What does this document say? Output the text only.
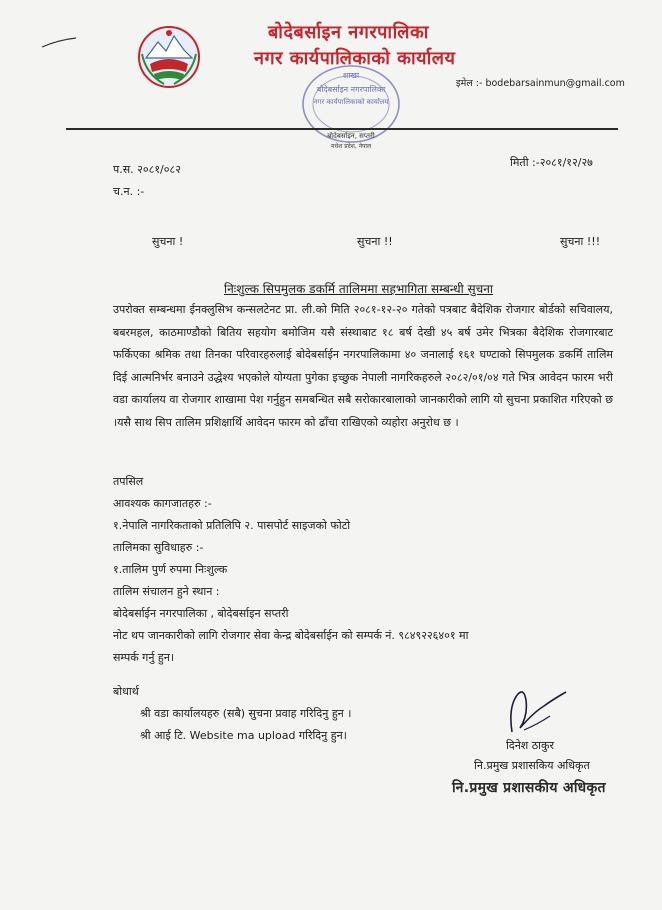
बोदेबर्साइन नगरपालिका
नगर कार्यपालिकाको कार्यालय
इमेल :- bodebarsainmun@gmail.com
शाखा
बोदेबर्साइन नगरपालिका
नगर कार्यपालिकाको कार्यालय
बोदेबर्साइन, सप्तरी
मधेश प्रदेश, नेपाल
प.स. २०८१/०८२
मिती :-२०८१/१२/२७
च.न. :-
सुचना !	सुचना !!	सुचना !!!
निःशुल्क सिपमुलक डकर्मि तालिममा सहभागिता सम्बन्धी सुचना
उपरोक्त सम्बन्धमा ईनक्लुसिभ कन्सलटेनट प्रा. ली.को मिति २०८१-१२-२० गतेको पत्रबाट बैदेशिक रोजगार बोर्डको सचिवालय, बबरमहल, काठमाण्डौको बितिय सहयोग बमोजिम यसै संस्थाबाट १८ बर्ष देखी ४५ बर्ष उमेर भित्रका बैदेशिक रोजगारबाट फर्किएका श्रमिक तथा तिनका परिवारहरुलाई बोदेबर्साईन नगरपालिकामा ४० जनालाई १६१ घण्टाको सिपमुलक डकर्मि तालिम दिई आत्मनिर्भर बनाउने उद्धेश्य भएकोले योग्यता पुगेका इच्छुक नेपाली नागरिकहरुले २०८२/०१/०४ गते भित्र आवेदन फारम भरी वडा कार्यालय वा रोजगार शाखामा पेश गर्नुहुन समबन्धित सबै सरोकारबालाको जानकारीको लागि यो सुचना प्रकाशित गरिएको छ ।यसै साथ सिप तालिम प्रशिक्षार्थि आवेदन फारम को ढाँचा राखिएको व्यहोरा अनुरोध छ ।
तपसिल
आवश्यक कागजातहरु :-
१.नेपालि नागरिकताको प्रतिलिपि २. पासपोर्ट साइजको फोटो
तालिमका सुविधाहरु :-
१.तालिम पुर्ण रुपमा निःशुल्क
तालिम संचालन हुने स्थान :
बोदेबर्साईन नगरपालिका , बोदेबर्साइन सप्तरी
नोट थप जानकारीको लागि रोजगार सेवा केन्द्र बोदेबर्साईन को सम्पर्क नं. ९८४९२२६४०१ मा
सम्पर्क गर्नु हुन।
बोधार्थ
श्री वडा कार्यालयहरु (सबै) सुचना प्रवाह गरिदिनु हुन ।
श्री आई टि. Website ma upload गरिदिनु हुन।
दिनेश ठाकुर
नि.प्रमुख प्रशासकिय अधिकृत
नि.प्रमुख प्रशासकीय अधिकृत
